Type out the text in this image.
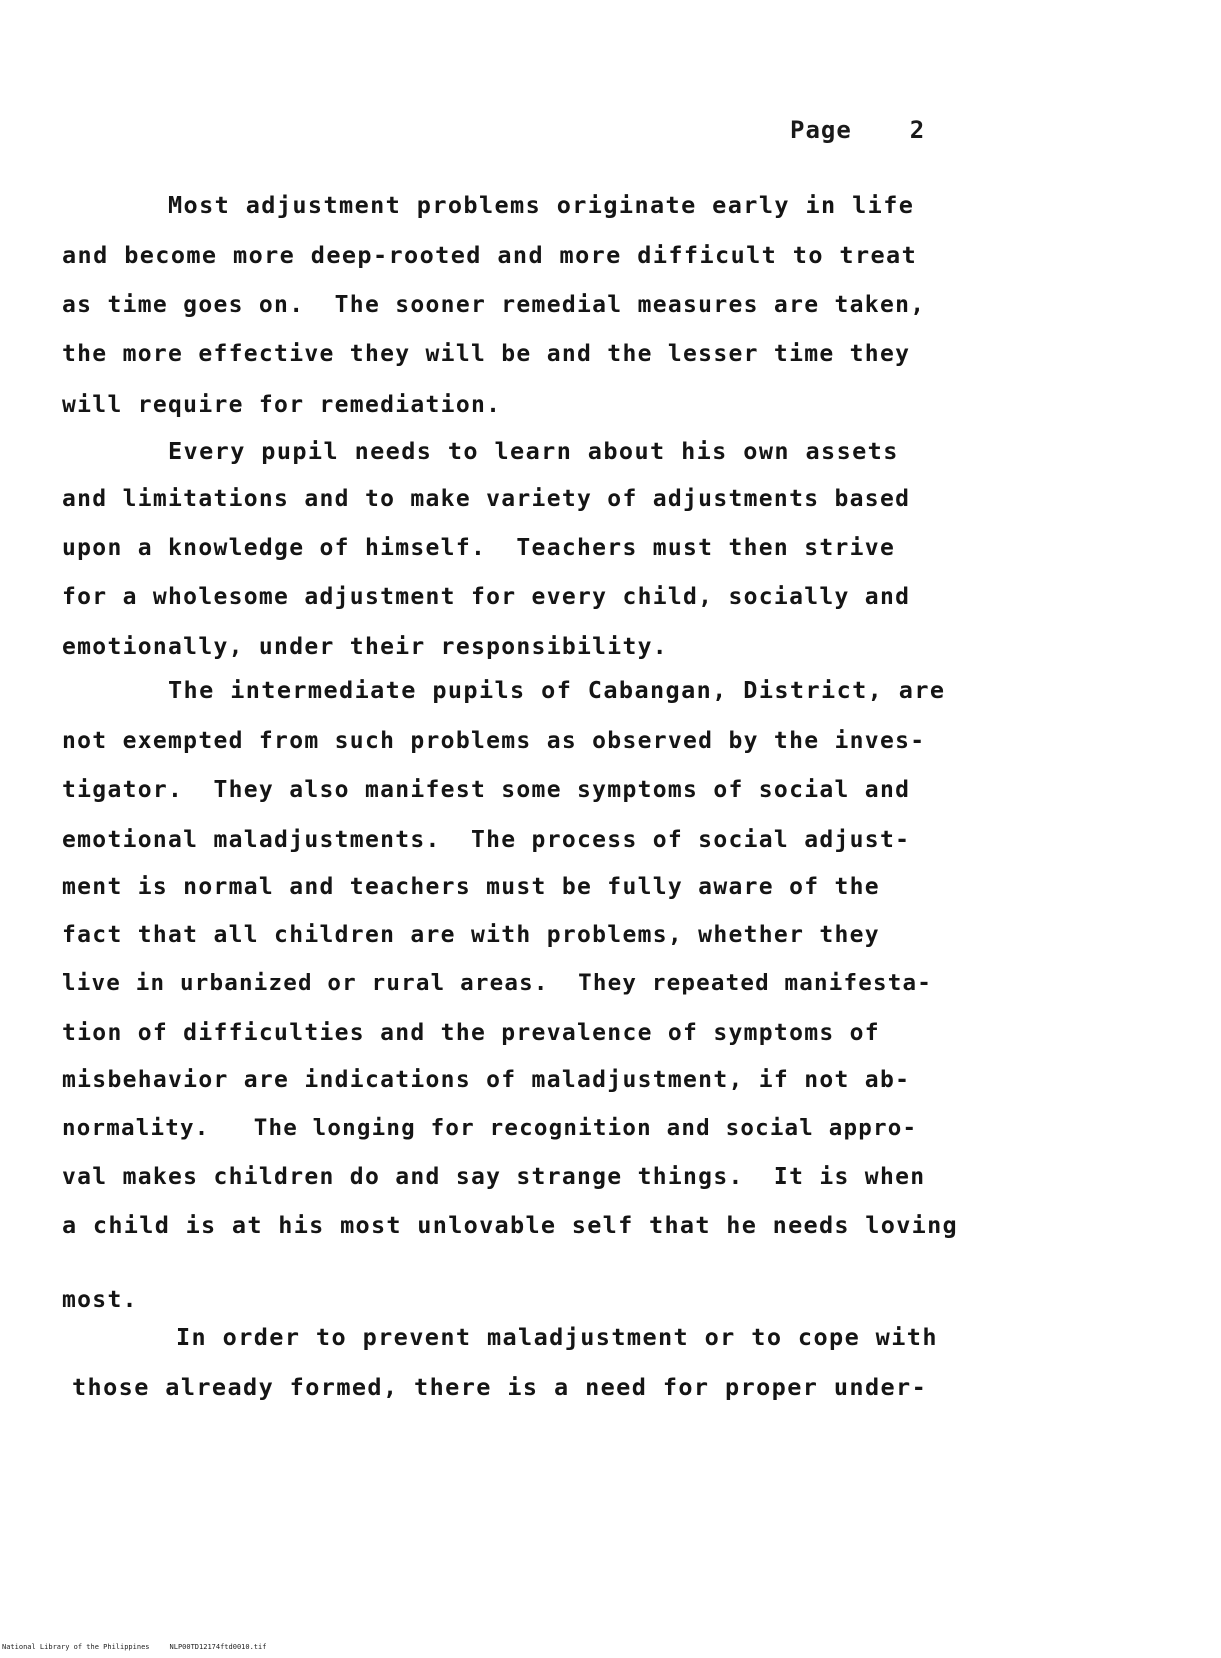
Page 2
Most adjustment problems originate early in life
and become more deep-rooted and more difficult to treat
as time goes on.  The sooner remedial measures are taken,
the more effective they will be and the lesser time they
will require for remediation.
Every pupil needs to learn about his own assets
and limitations and to make variety of adjustments based
upon a knowledge of himself.  Teachers must then strive
for a wholesome adjustment for every child, socially and
emotionally, under their responsibility.
The intermediate pupils of Cabangan, District, are
not exempted from such problems as observed by the inves-
tigator.  They also manifest some symptoms of social and
emotional maladjustments.  The process of social adjust-
ment is normal and teachers must be fully aware of the
fact that all children are with problems, whether they
live in urbanized or rural areas.  They repeated manifesta-
tion of difficulties and the prevalence of symptoms of
misbehavior are indications of maladjustment, if not ab-
normality.   The longing for recognition and social appro-
val makes children do and say strange things.  It is when
a child is at his most unlovable self that he needs loving
most.
In order to prevent maladjustment or to cope with
those already formed, there is a need for proper under-
National Library of the Philippines	NLP00TD12174ftd0010.tif
